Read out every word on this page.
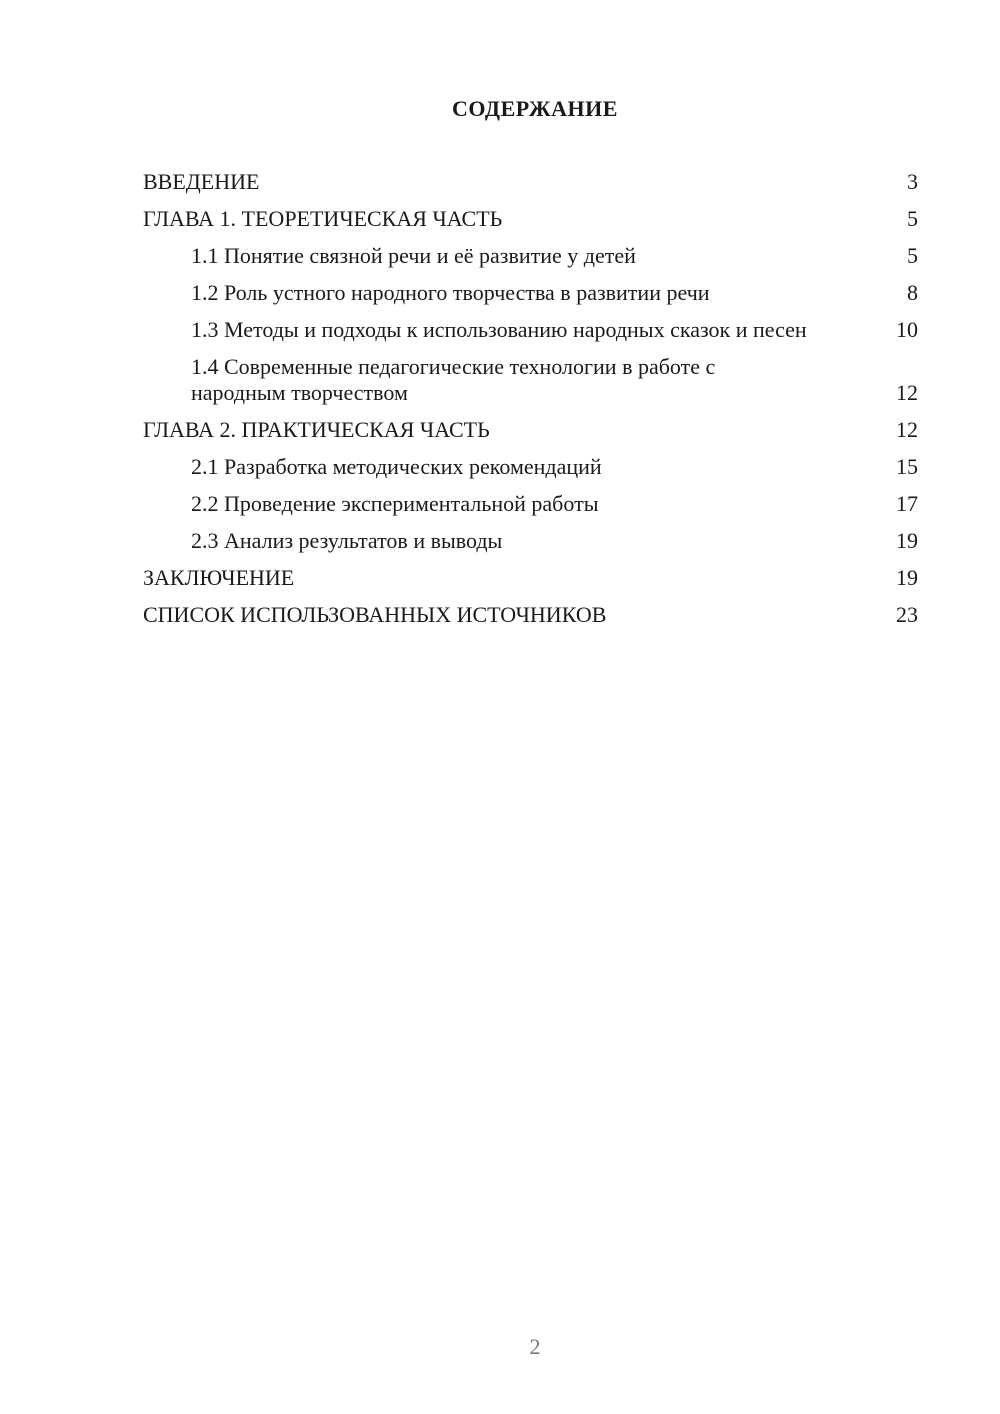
СОДЕРЖАНИЕ
ВВЕДЕНИЕ	3
ГЛАВА 1. ТЕОРЕТИЧЕСКАЯ ЧАСТЬ	5
1.1 Понятие связной речи и её развитие у детей	5
1.2 Роль устного народного творчества в развитии речи	8
1.3 Методы и подходы к использованию народных сказок и песен	10
1.4 Современные педагогические технологии в работе с народным творчеством	12
ГЛАВА 2. ПРАКТИЧЕСКАЯ ЧАСТЬ	12
2.1 Разработка методических рекомендаций	15
2.2 Проведение экспериментальной работы	17
2.3 Анализ результатов и выводы	19
ЗАКЛЮЧЕНИЕ	19
СПИСОК ИСПОЛЬЗОВАННЫХ ИСТОЧНИКОВ	23
2
